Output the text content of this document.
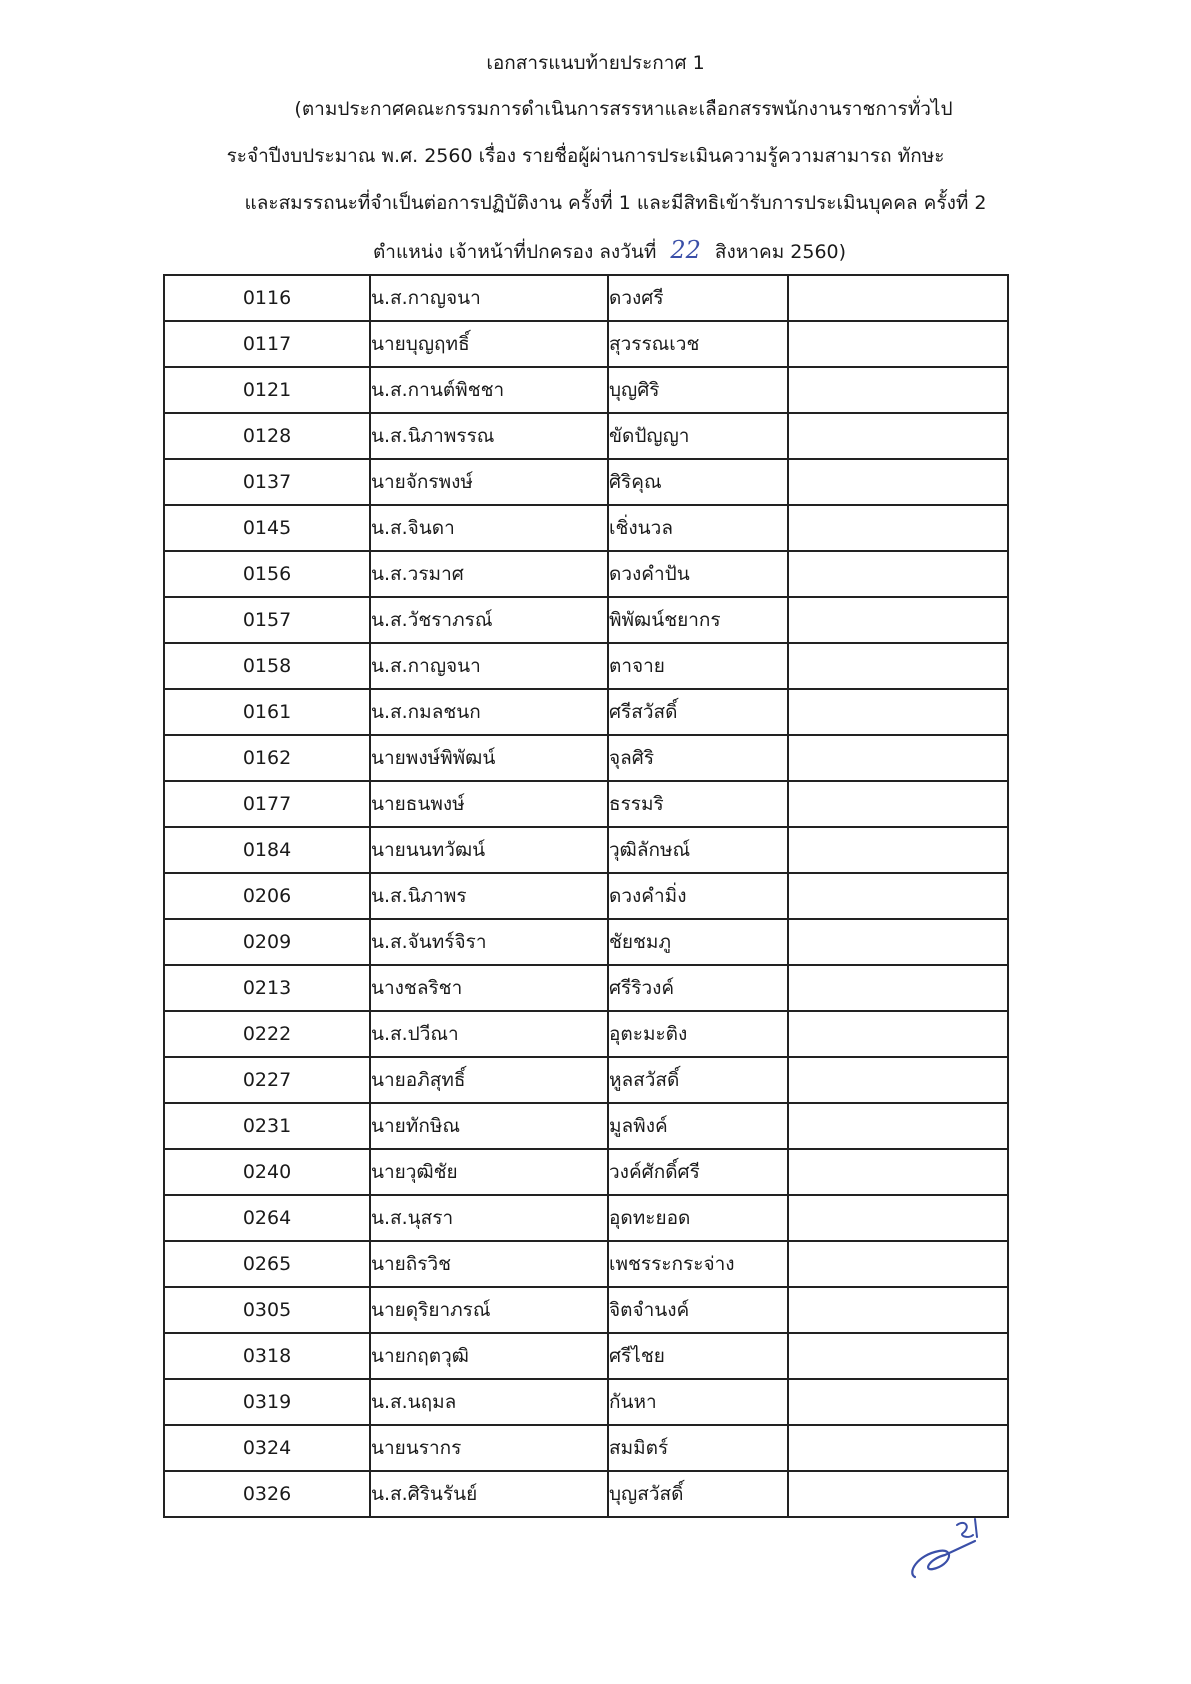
เอกสารแนบท้ายประกาศ 1
(ตามประกาศคณะกรรมการดำเนินการสรรหาและเลือกสรรพนักงานราชการทั่วไป
ระจำปีงบประมาณ พ.ศ. 2560 เรื่อง รายชื่อผู้ผ่านการประเมินความรู้ความสามารถ ทักษะ
และสมรรถนะที่จำเป็นต่อการปฏิบัติงาน ครั้งที่ 1 และมีสิทธิเข้ารับการประเมินบุคคล ครั้งที่ 2
ตำแหน่ง เจ้าหน้าที่ปกครอง ลงวันที่ 22 สิงหาคม 2560)
0116	น.ส.กาญจนา	ดวงศรี	
0117	นายบุญฤทธิ์	สุวรรณเวช	
0121	น.ส.กานต์พิชชา	บุญศิริ	
0128	น.ส.นิภาพรรณ	ขัดปัญญา	
0137	นายจักรพงษ์	ศิริคุณ	
0145	น.ส.จินดา	เชิ่งนวล	
0156	น.ส.วรมาศ	ดวงคำปัน	
0157	น.ส.วัชราภรณ์	พิพัฒน์ชยากร	
0158	น.ส.กาญจนา	ตาจาย	
0161	น.ส.กมลชนก	ศรีสวัสดิ์	
0162	นายพงษ์พิพัฒน์	จุลศิริ	
0177	นายธนพงษ์	ธรรมริ	
0184	นายนนทวัฒน์	วุฒิลักษณ์	
0206	น.ส.นิภาพร	ดวงคำมิ่ง	
0209	น.ส.จันทร์จิรา	ชัยชมภู	
0213	นางชลริชา	ศรีริวงค์	
0222	น.ส.ปวีณา	อุตะมะติง	
0227	นายอภิสุทธิ์	หูลสวัสดิ์	
0231	นายทักษิณ	มูลพิงค์	
0240	นายวุฒิชัย	วงค์ศักดิ์ศรี	
0264	น.ส.นุสรา	อุดทะยอด	
0265	นายถิรวิช	เพชรระกระจ่าง	
0305	นายดุริยาภรณ์	จิตจำนงค์	
0318	นายกฤตวุฒิ	ศรีไชย	
0319	น.ส.นฤมล	กันหา	
0324	นายนรากร	สมมิตร์	
0326	น.ส.ศิรินรันย์	บุญสวัสดิ์	
